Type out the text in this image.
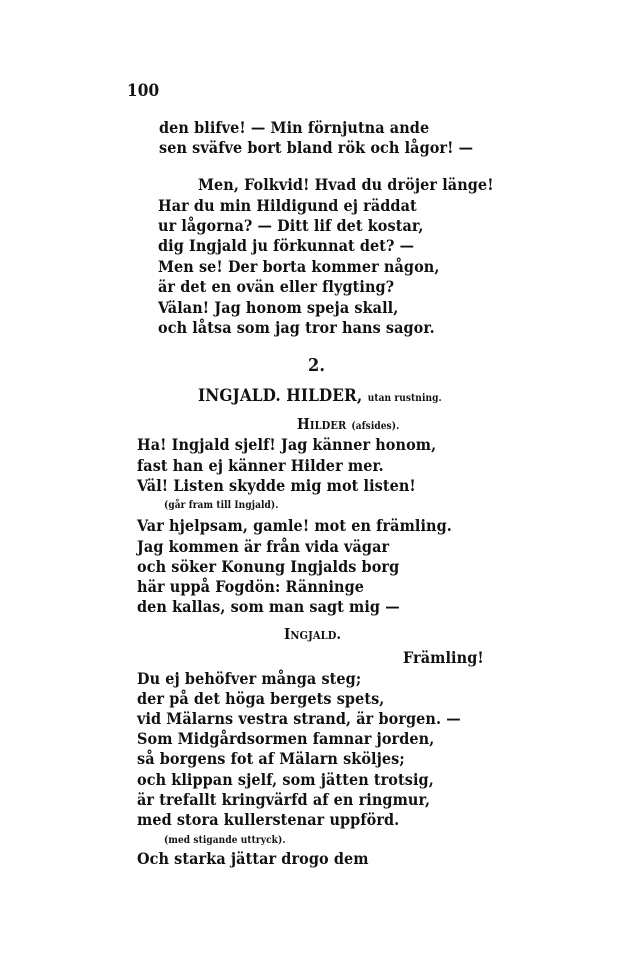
100
den blifve! — Min förnjutna ande
sen sväfve bort bland rök och lågor! —
Men, Folkvid! Hvad du dröjer länge!
Har du min Hildigund ej räddat
ur lågorna? — Ditt lif det kostar,
dig Ingjald ju förkunnat det? —
Men se! Der borta kommer någon,
är det en ovän eller flygting?
Välan! Jag honom speja skall,
och låtsa som jag tror hans sagor.
2.
INGJALD. HILDER, utan rustning.
Hilder (afsides).
Ha! Ingjald sjelf! Jag känner honom,
fast han ej känner Hilder mer.
Väl! Listen skydde mig mot listen!
(går fram till Ingjald).
Var hjelpsam, gamle! mot en främling.
Jag kommen är från vida vägar
och söker Konung Ingjalds borg
här uppå Fogdön: Ränninge
den kallas, som man sagt mig —
Ingjald.
Främling!
Du ej behöfver många steg;
der på det höga bergets spets,
vid Mälarns vestra strand, är borgen. —
Som Midgårdsormen famnar jorden,
så borgens fot af Mälarn sköljes;
och klippan sjelf, som jätten trotsig,
är trefallt kringvärfd af en ringmur,
med stora kullerstenar uppförd.
(med stigande uttryck).
Och starka jättar drogo dem
